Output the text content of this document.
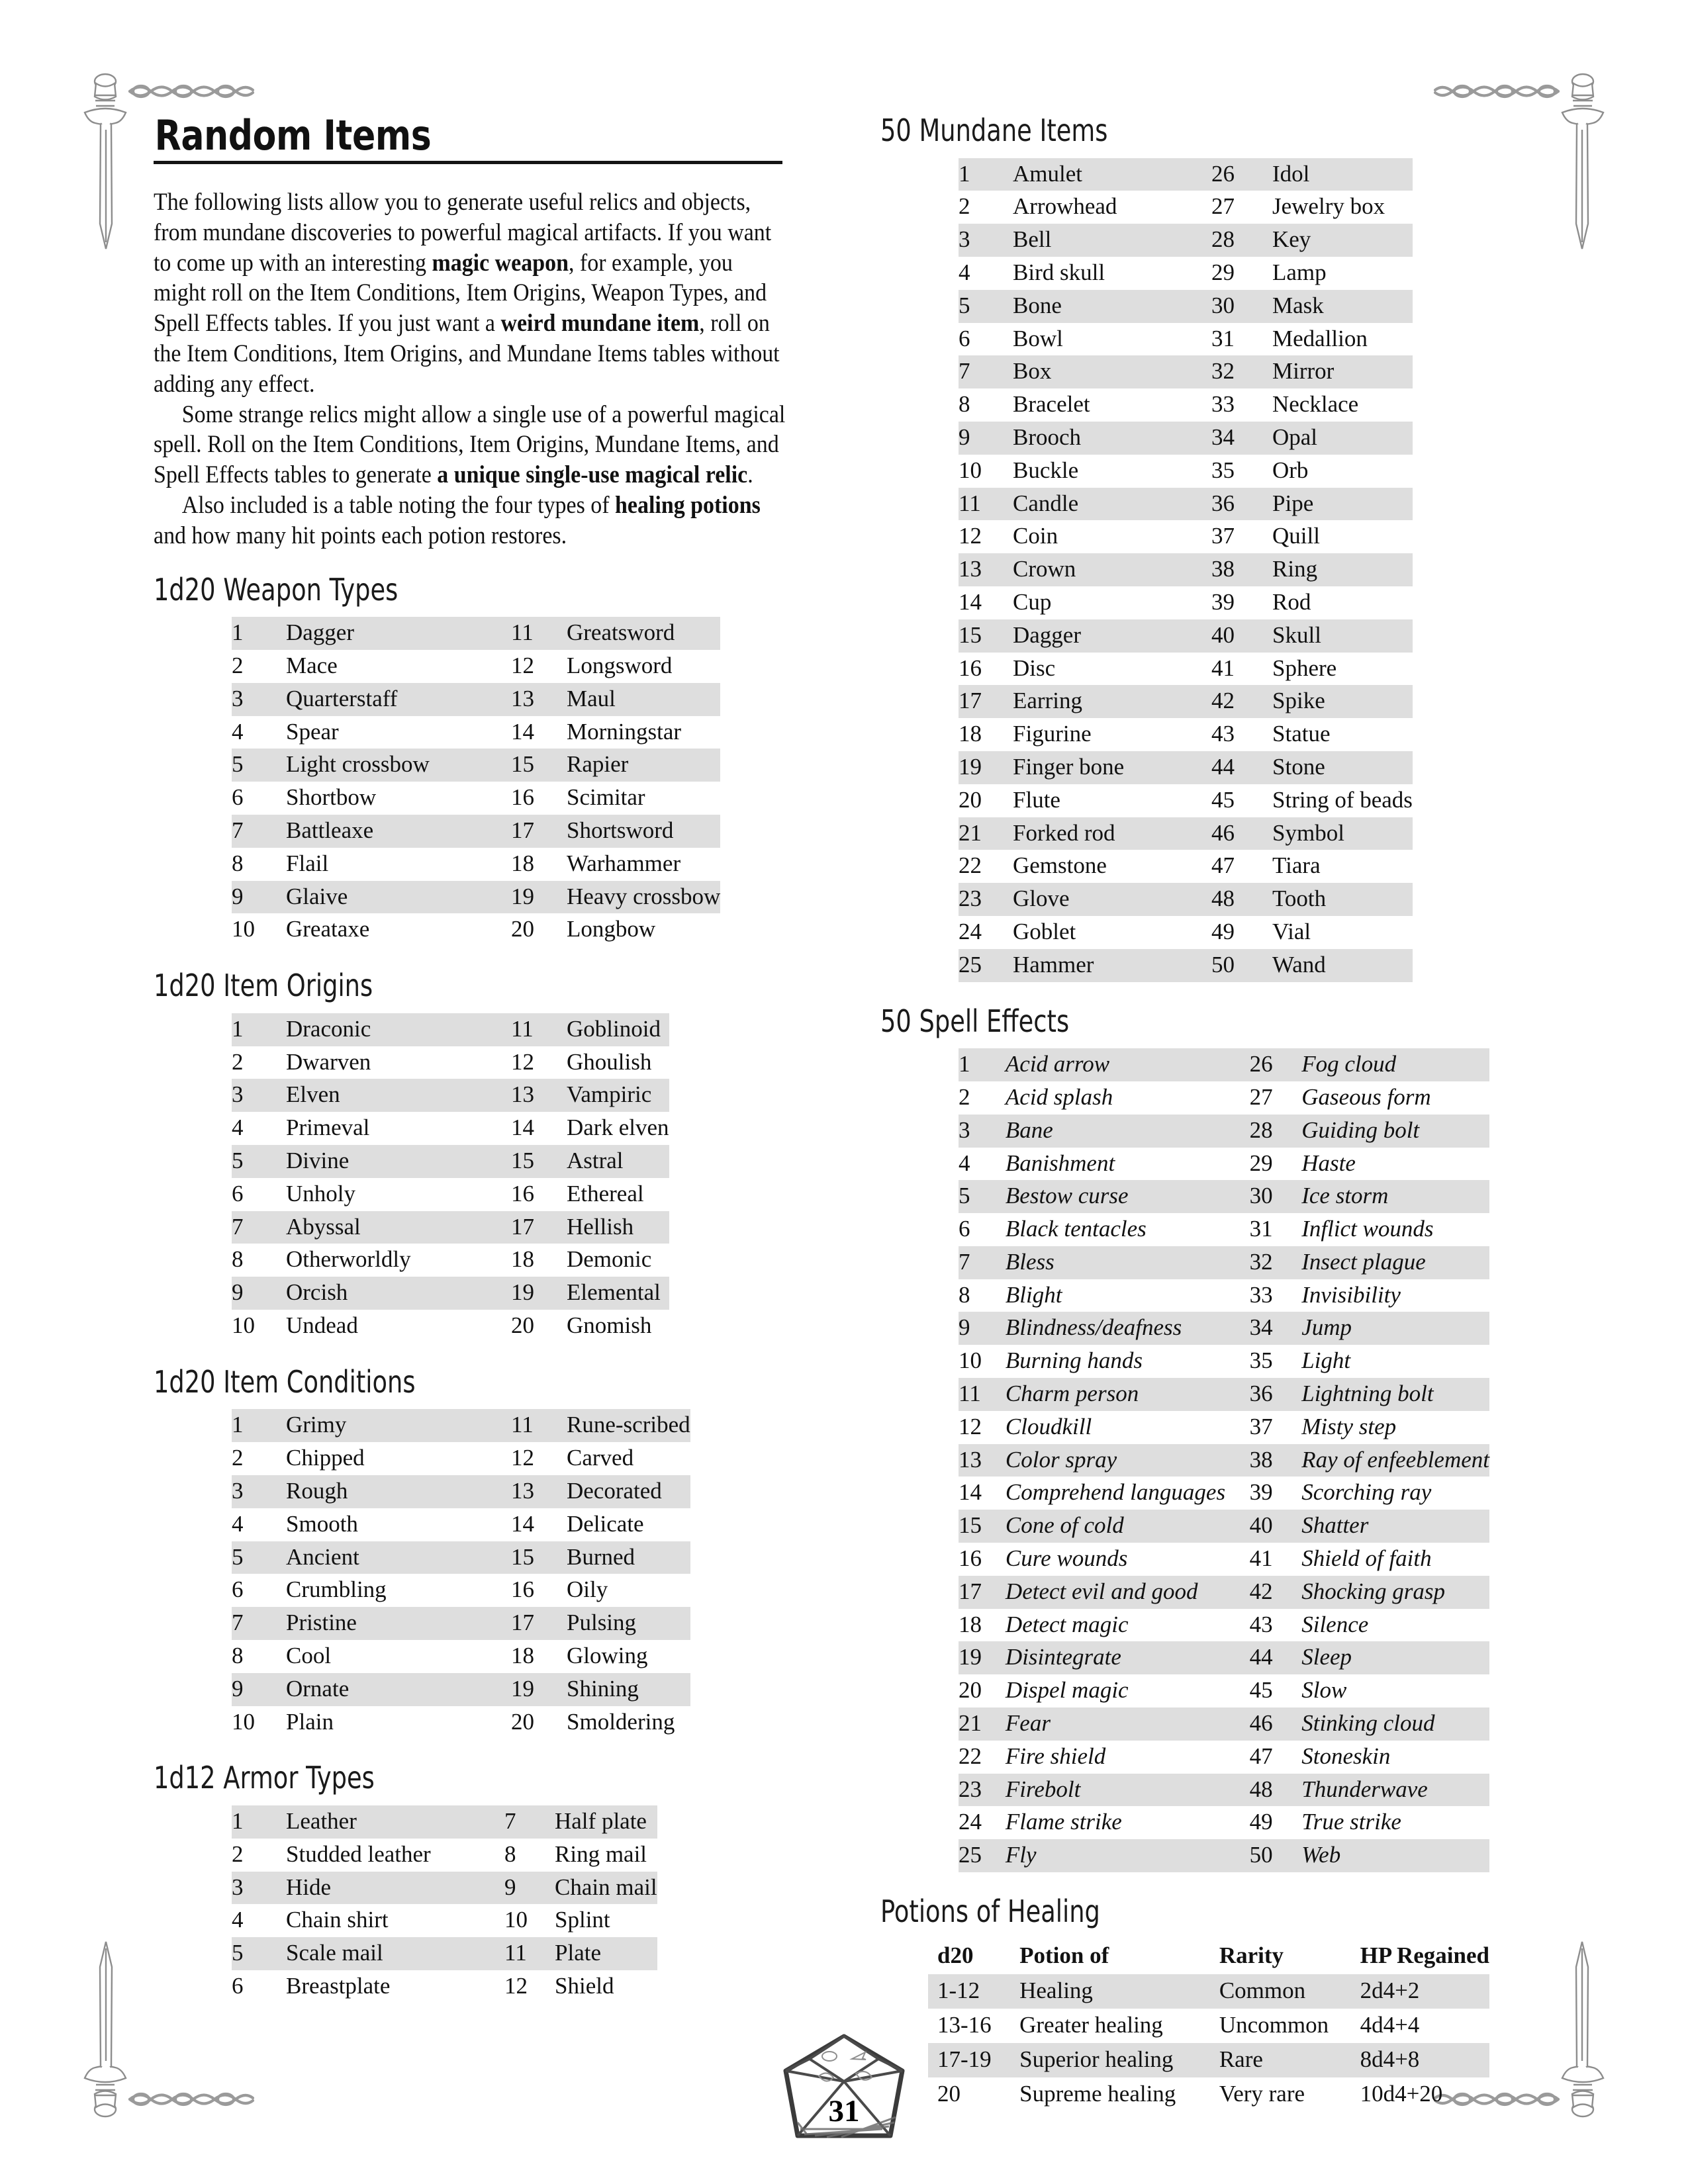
Random Items

The following lists allow you to generate useful relics and objects, from mundane discoveries to powerful magical artifacts. If you want to come up with an interesting magic weapon, for example, you might roll on the Item Conditions, Item Origins, Weapon Types, and Spell Effects tables. If you just want a weird mundane item, roll on the Item Conditions, Item Origins, and Mundane Items tables without adding any effect.

Some strange relics might allow a single use of a powerful magical spell. Roll on the Item Conditions, Item Origins, Mundane Items, and Spell Effects tables to generate a unique single-use magical relic.

Also included is a table noting the four types of healing potions and how many hit points each potion restores.

1d20 Weapon Types
1	Dagger	11	Greatsword
2	Mace	12	Longsword
3	Quarterstaff	13	Maul
4	Spear	14	Morningstar
5	Light crossbow	15	Rapier
6	Shortbow	16	Scimitar
7	Battleaxe	17	Shortsword
8	Flail	18	Warhammer
9	Glaive	19	Heavy crossbow
10	Greataxe	20	Longbow
1d20 Item Origins
1	Draconic	11	Goblinoid
2	Dwarven	12	Ghoulish
3	Elven	13	Vampiric
4	Primeval	14	Dark elven
5	Divine	15	Astral
6	Unholy	16	Ethereal
7	Abyssal	17	Hellish
8	Otherworldly	18	Demonic
9	Orcish	19	Elemental
10	Undead	20	Gnomish
1d20 Item Conditions
1	Grimy	11	Rune-scribed
2	Chipped	12	Carved
3	Rough	13	Decorated
4	Smooth	14	Delicate
5	Ancient	15	Burned
6	Crumbling	16	Oily
7	Pristine	17	Pulsing
8	Cool	18	Glowing
9	Ornate	19	Shining
10	Plain	20	Smoldering
1d12 Armor Types
1	Leather	7	Half plate
2	Studded leather	8	Ring mail
3	Hide	9	Chain mail
4	Chain shirt	10	Splint
5	Scale mail	11	Plate
6	Breastplate	12	Shield
50 Mundane Items
1	Amulet	26	Idol
2	Arrowhead	27	Jewelry box
3	Bell	28	Key
4	Bird skull	29	Lamp
5	Bone	30	Mask
6	Bowl	31	Medallion
7	Box	32	Mirror
8	Bracelet	33	Necklace
9	Brooch	34	Opal
10	Buckle	35	Orb
11	Candle	36	Pipe
12	Coin	37	Quill
13	Crown	38	Ring
14	Cup	39	Rod
15	Dagger	40	Skull
16	Disc	41	Sphere
17	Earring	42	Spike
18	Figurine	43	Statue
19	Finger bone	44	Stone
20	Flute	45	String of beads
21	Forked rod	46	Symbol
22	Gemstone	47	Tiara
23	Glove	48	Tooth
24	Goblet	49	Vial
25	Hammer	50	Wand
50 Spell Effects
1	Acid arrow	26	Fog cloud
2	Acid splash	27	Gaseous form
3	Bane	28	Guiding bolt
4	Banishment	29	Haste
5	Bestow curse	30	Ice storm
6	Black tentacles	31	Inflict wounds
7	Bless	32	Insect plague
8	Blight	33	Invisibility
9	Blindness/deafness	34	Jump
10	Burning hands	35	Light
11	Charm person	36	Lightning bolt
12	Cloudkill	37	Misty step
13	Color spray	38	Ray of enfeeblement
14	Comprehend languages	39	Scorching ray
15	Cone of cold	40	Shatter
16	Cure wounds	41	Shield of faith
17	Detect evil and good	42	Shocking grasp
18	Detect magic	43	Silence
19	Disintegrate	44	Sleep
20	Dispel magic	45	Slow
21	Fear	46	Stinking cloud
22	Fire shield	47	Stoneskin
23	Firebolt	48	Thunderwave
24	Flame strike	49	True strike
25	Fly	50	Web
Potions of Healing
d20	Potion of	Rarity	HP Regained
1-12	Healing	Common	2d4+2
13-16	Greater healing	Uncommon	4d4+4
17-19	Superior healing	Rare	8d4+8
20	Supreme healing	Very rare	10d4+20
31
